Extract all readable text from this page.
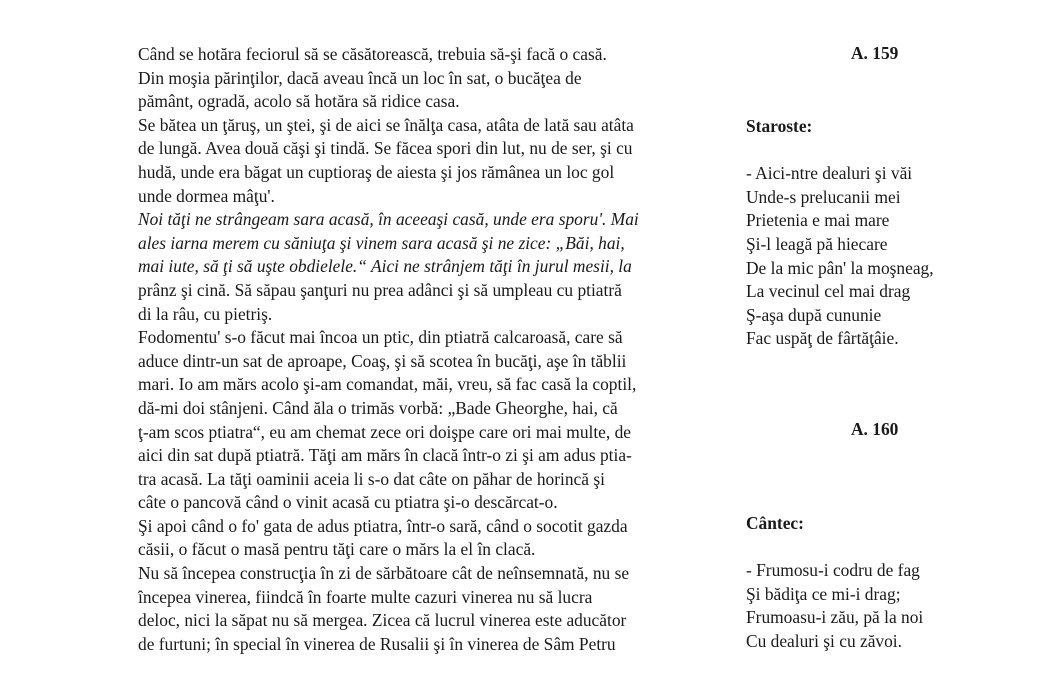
Când se hotăra feciorul să se căsătorească, trebuia să-şi facă o casă.
Din moşia părinţilor, dacă aveau încă un loc în sat, o bucăţea de
pământ, ogradă, acolo să hotăra să ridice casa.
Se bătea un ţăruş, un ştei, şi de aici se înălţa casa, atâta de lată sau atâta
de lungă. Avea două căşi şi tindă. Se făcea spori din lut, nu de ser, şi cu
hudă, unde era băgat un cuptioraş de aiesta şi jos rămânea un loc gol
unde dormea mâţu'.
Noi tăţi ne strângeam sara acasă, în aceeaşi casă, unde era sporu'. Mai
ales iarna merem cu săniuţa şi vinem sara acasă şi ne zice: „Băi, hai,
mai iute, să ţi să uşte obdielele.“ Aici ne strânjem tăţi în jurul mesii, la
prânz şi cină. Să săpau şanţuri nu prea adânci şi să umpleau cu ptiatră
di la râu, cu pietriş.
Fodomentu' s-o făcut mai încoa un ptic, din ptiatră calcaroasă, care să
aduce dintr-un sat de aproape, Coaş, şi să scotea în bucăţi, aşe în tăblii
mari. Io am mărs acolo şi-am comandat, măi, vreu, să fac casă la coptil,
dă-mi doi stânjeni. Când ăla o trimăs vorbă: „Bade Gheorghe, hai, că
ţ-am scos ptiatra“, eu am chemat zece ori doişpe care ori mai multe, de
aici din sat după ptiatră. Tăţi am mărs în clacă într-o zi şi am adus ptia-
tra acasă. La tăţi oaminii aceia li s-o dat câte on păhar de horincă şi
câte o pancovă când o vinit acasă cu ptiatra şi-o descărcat-o.
Şi apoi când o fo' gata de adus ptiatra, într-o sară, când o socotit gazda
căsii, o făcut o masă pentru tăţi care o mărs la el în clacă.
Nu să începea construcţia în zi de sărbătoare cât de neînsemnată, nu se
începea vinerea, fiindcă în foarte multe cazuri vinerea nu să lucra
deloc, nici la săpat nu să mergea. Zicea că lucrul vinerea este aducător
de furtuni; în special în vinerea de Rusalii şi în vinerea de Sâm Petru

A. 159
Staroste:
- Aici-ntre dealuri şi văi
Unde-s prelucanii mei
Prietenia e mai mare
Şi-l leagă pă hiecare
De la mic pân' la moşneag,
La vecinul cel mai drag
Ş-aşa după cununie
Fac uspăţ de fârtăţâie.
A. 160
Cântec:
- Frumosu-i codru de fag
Şi bădiţa ce mi-i drag;
Frumoasu-i zău, pă la noi
Cu dealuri şi cu zăvoi.
